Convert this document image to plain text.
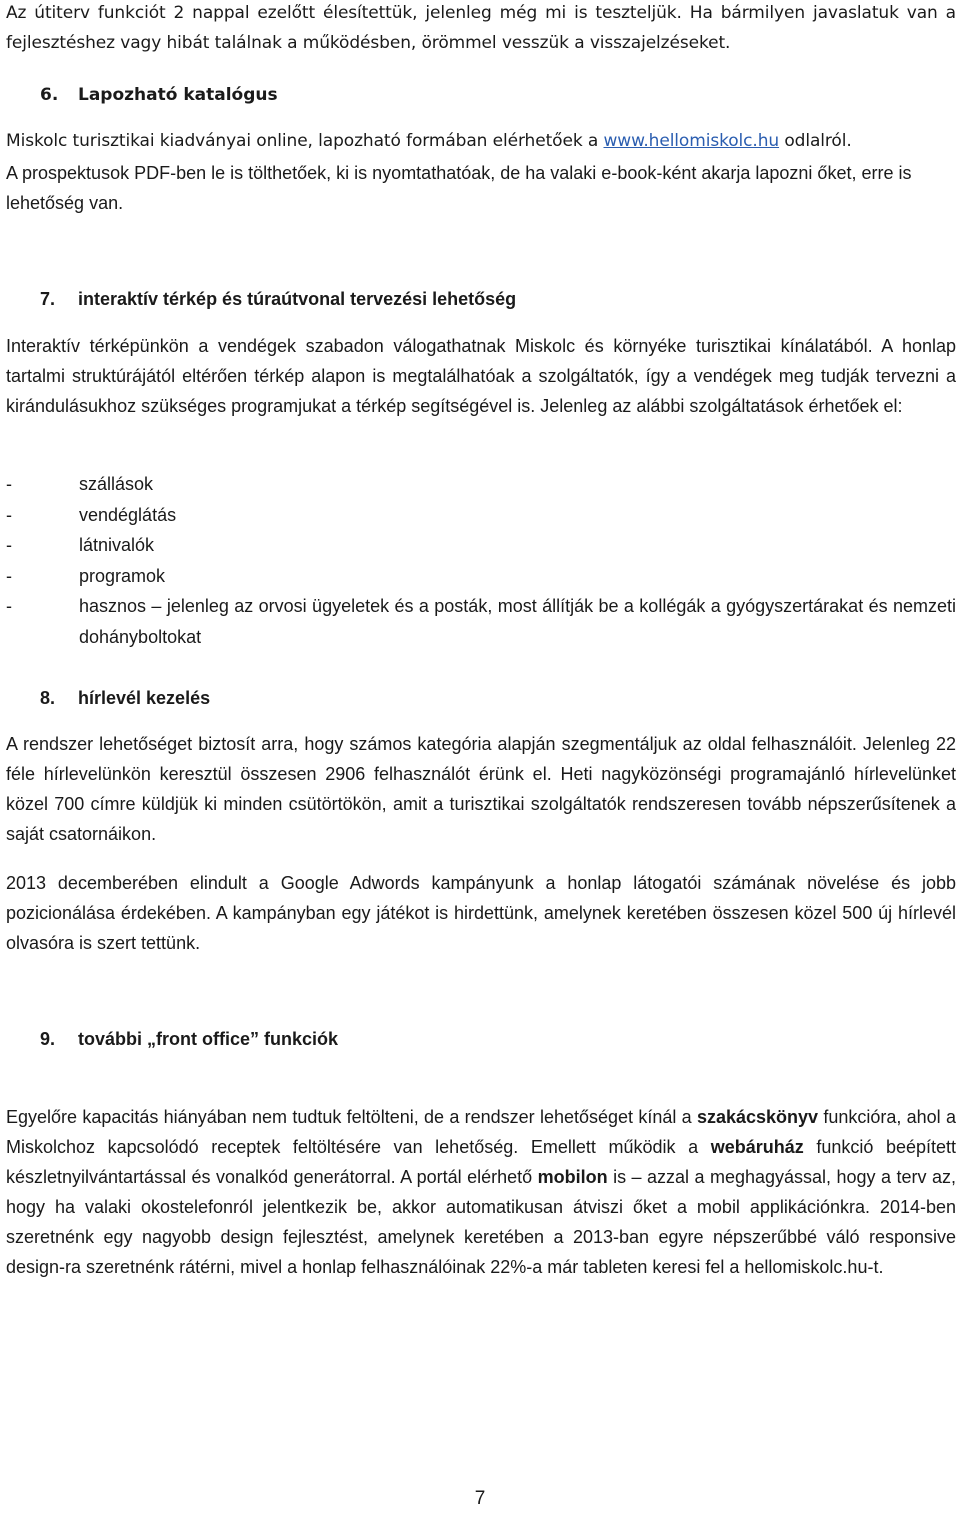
Az útiterv funkciót 2 nappal ezelőtt élesítettük, jelenleg még mi is teszteljük. Ha bármilyen javaslatuk van a fejlesztéshez vagy hibát találnak a működésben, örömmel vesszük a visszajelzéseket.

6. Lapozható katalógus

Miskolc turisztikai kiadványai online, lapozható formában elérhetőek a www.hellomiskolc.hu odlalról.

A prospektusok PDF-ben le is tölthetőek, ki is nyomtathatóak, de ha valaki e-book-ként akarja lapozni őket, erre is lehetőség van.

7. interaktív térkép és túraútvonal tervezési lehetőség

Interaktív térképünkön a vendégek szabadon válogathatnak Miskolc és környéke turisztikai kínálatából. A honlap tartalmi struktúrájától eltérően térkép alapon is megtalálhatóak a szolgáltatók, így a vendégek meg tudják tervezni a kirándulásukhoz szükséges programjukat a térkép segítségével is. Jelenleg az alábbi szolgáltatások érhetőek el:

-	szállások
-	vendéglátás
-	látnivalók
-	programok
-	hasznos – jelenleg az orvosi ügyeletek és a posták, most állítják be a kollégák a gyógyszertárakat és nemzeti dohányboltokat
8. hírlevél kezelés

A rendszer lehetőséget biztosít arra, hogy számos kategória alapján szegmentáljuk az oldal felhasználóit. Jelenleg 22 féle hírlevelünkön keresztül összesen 2906 felhasználót érünk el. Heti nagyközönségi programajánló hírlevelünket közel 700 címre küldjük ki minden csütörtökön, amit a turisztikai szolgáltatók rendszeresen tovább népszerűsítenek a saját csatornáikon.

2013 decemberében elindult a Google Adwords kampányunk a honlap látogatói számának növelése és jobb pozicionálása érdekében. A kampányban egy játékot is hirdettünk, amelynek keretében összesen közel 500 új hírlevél olvasóra is szert tettünk.

9. további „front office” funkciók

Egyelőre kapacitás hiányában nem tudtuk feltölteni, de a rendszer lehetőséget kínál a szakácskönyv funkcióra, ahol a Miskolchoz kapcsolódó receptek feltöltésére van lehetőség. Emellett működik a webáruház funkció beépített készletnyilvántartással és vonalkód generátorral. A portál elérhető mobilon is – azzal a meghagyással, hogy a terv az, hogy ha valaki okostelefonról jelentkezik be, akkor automatikusan átviszi őket a mobil applikációnkra. 2014-ben szeretnénk egy nagyobb design fejlesztést, amelynek keretében a 2013-ban egyre népszerűbbé váló responsive design-ra szeretnénk rátérni, mivel a honlap felhasználóinak 22%-a már tableten keresi fel a hellomiskolc.hu-t.

7
